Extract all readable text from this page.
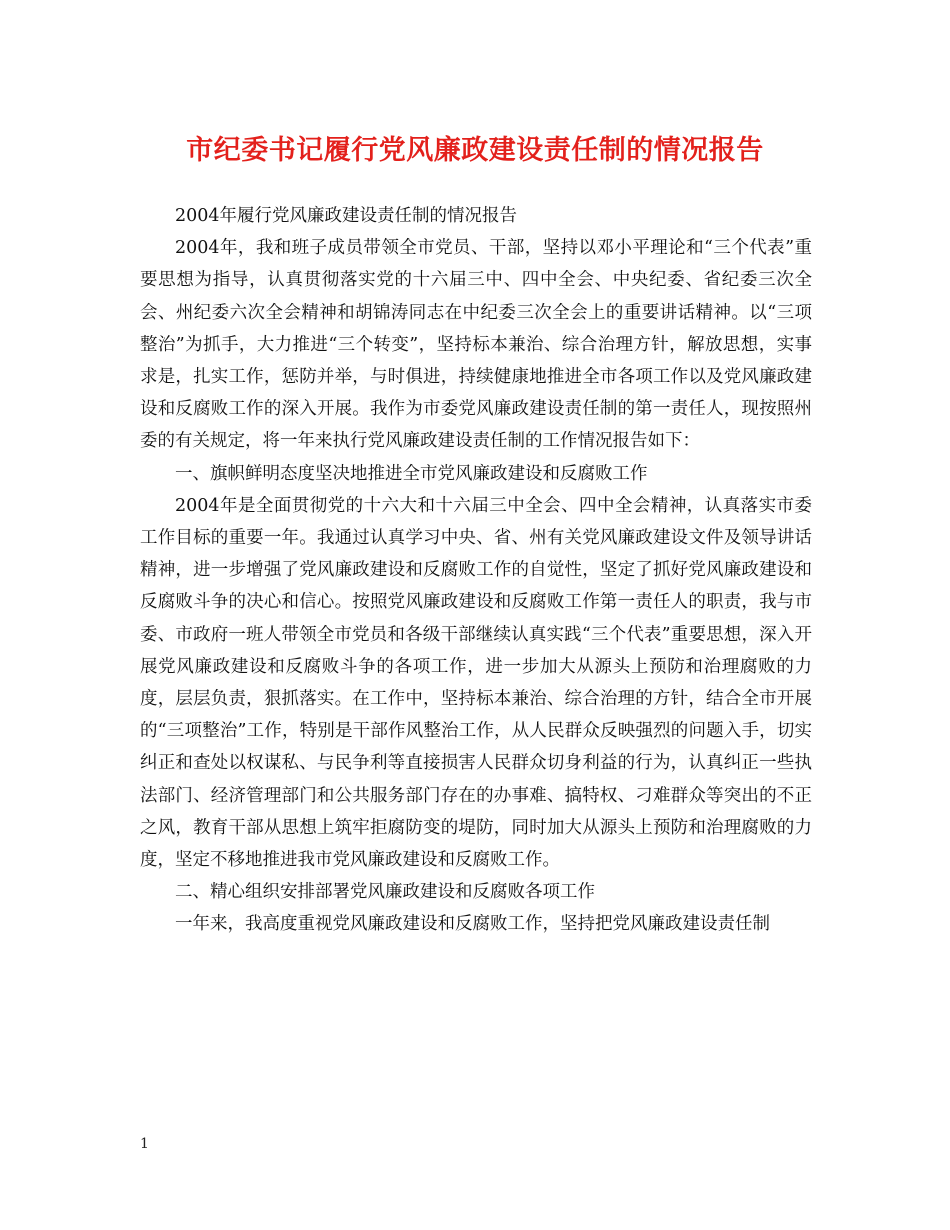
市纪委书记履行党风廉政建设责任制的情况报告

2004年履行党风廉政建设责任制的情况报告

2004年，我和班子成员带领全市党员、干部，坚持以邓小平理论和“三个代表”重要思想为指导，认真贯彻落实党的十六届三中、四中全会、中央纪委、省纪委三次全会、州纪委六次全会精神和胡锦涛同志在中纪委三次全会上的重要讲话精神。以“三项整治”为抓手，大力推进“三个转变”，坚持标本兼治、综合治理方针，解放思想，实事求是，扎实工作，惩防并举，与时俱进，持续健康地推进全市各项工作以及党风廉政建设和反腐败工作的深入开展。我作为市委党风廉政建设责任制的第一责任人，现按照州委的有关规定，将一年来执行党风廉政建设责任制的工作情况报告如下：

一、旗帜鲜明态度坚决地推进全市党风廉政建设和反腐败工作

2004年是全面贯彻党的十六大和十六届三中全会、四中全会精神，认真落实市委工作目标的重要一年。我通过认真学习中央、省、州有关党风廉政建设文件及领导讲话精神，进一步增强了党风廉政建设和反腐败工作的自觉性，坚定了抓好党风廉政建设和反腐败斗争的决心和信心。按照党风廉政建设和反腐败工作第一责任人的职责，我与市委、市政府一班人带领全市党员和各级干部继续认真实践“三个代表”重要思想，深入开展党风廉政建设和反腐败斗争的各项工作，进一步加大从源头上预防和治理腐败的力度，层层负责，狠抓落实。在工作中，坚持标本兼治、综合治理的方针，结合全市开展的“三项整治”工作，特别是干部作风整治工作，从人民群众反映强烈的问题入手，切实纠正和查处以权谋私、与民争利等直接损害人民群众切身利益的行为，认真纠正一些执法部门、经济管理部门和公共服务部门存在的办事难、搞特权、刁难群众等突出的不正之风，教育干部从思想上筑牢拒腐防变的堤防，同时加大从源头上预防和治理腐败的力度，坚定不移地推进我市党风廉政建设和反腐败工作。

二、精心组织安排部署党风廉政建设和反腐败各项工作

一年来，我高度重视党风廉政建设和反腐败工作，坚持把党风廉政建设责任制

1
